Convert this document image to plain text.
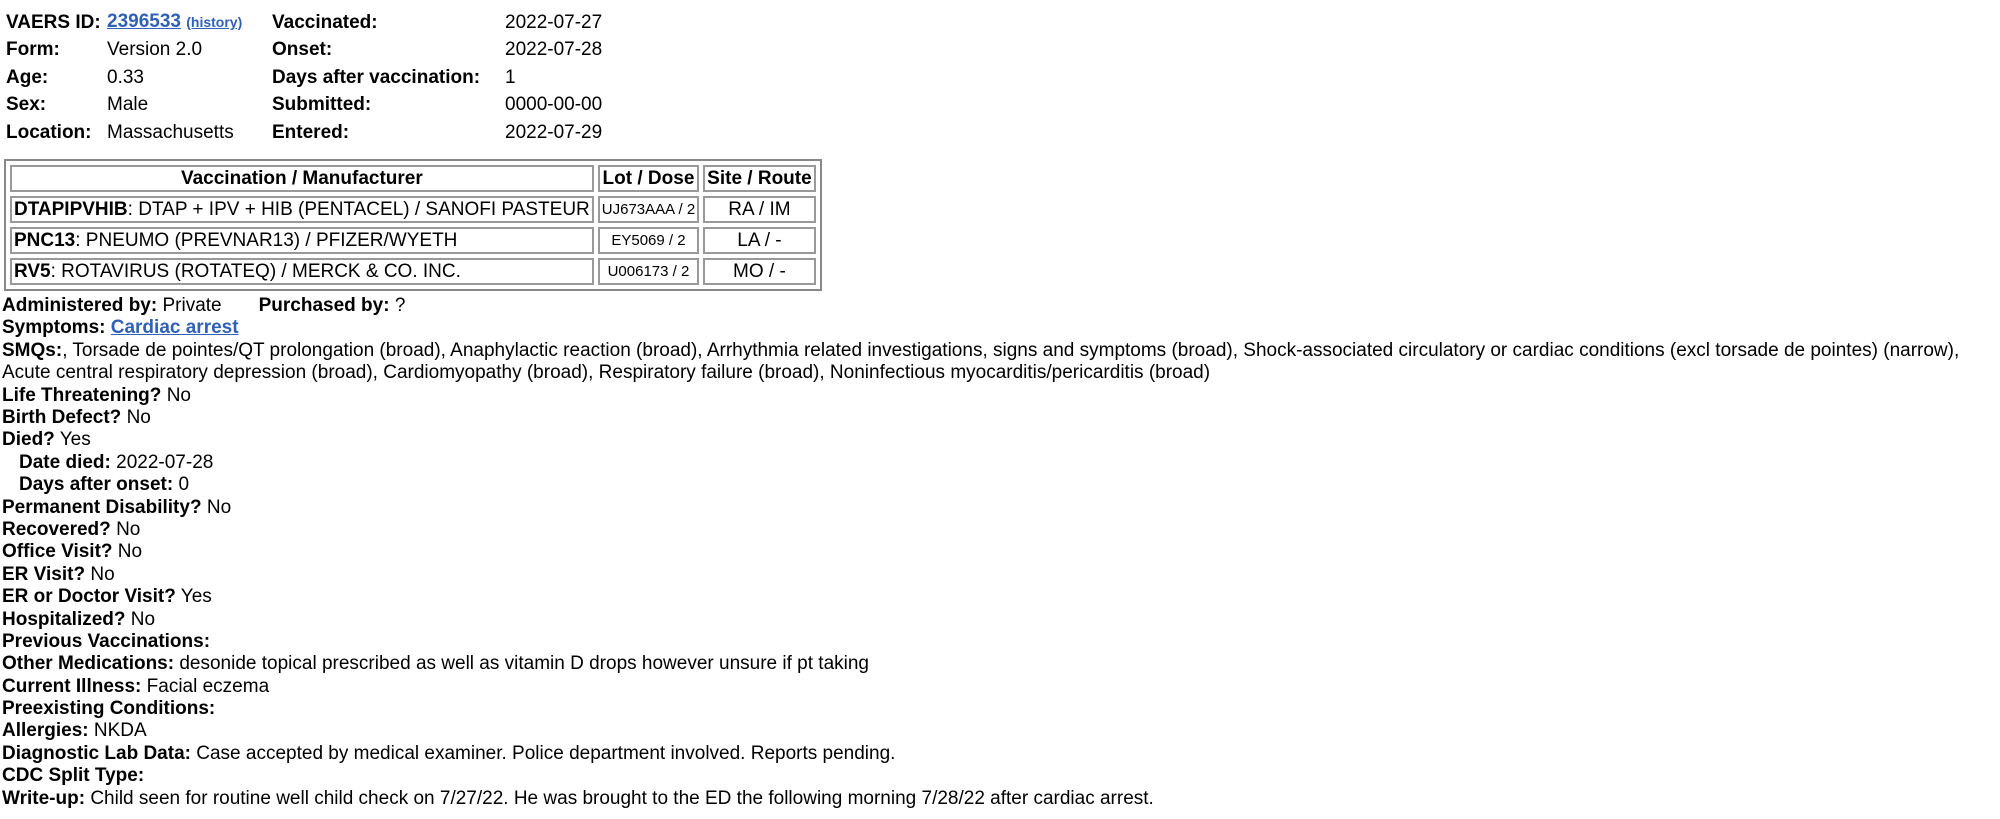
VAERS ID:	2396533 (history)	Vaccinated:	2022-07-27
Form:	Version 2.0	Onset:	2022-07-28
Age:	0.33	Days after vaccination:	1
Sex:	Male	Submitted:	0000-00-00
Location:	Massachusetts	Entered:	2022-07-29
Vaccination / Manufacturer	Lot / Dose	Site / Route
DTAPIPVHIB: DTAP + IPV + HIB (PENTACEL) / SANOFI PASTEUR	UJ673AAA / 2	RA / IM
PNC13: PNEUMO (PREVNAR13) / PFIZER/WYETH	EY5069 / 2	LA / -
RV5: ROTAVIRUS (ROTATEQ) / MERCK & CO. INC.	U006173 / 2	MO / -
Administered by: Private Purchased by: ?
Symptoms: Cardiac arrest
SMQs:, Torsade de pointes/QT prolongation (broad), Anaphylactic reaction (broad), Arrhythmia related investigations, signs and symptoms (broad), Shock-associated circulatory or cardiac conditions (excl torsade de pointes) (narrow), Acute central respiratory depression (broad), Cardiomyopathy (broad), Respiratory failure (broad), Noninfectious myocarditis/pericarditis (broad)
Life Threatening? No
Birth Defect? No
Died? Yes
Date died: 2022-07-28
Days after onset: 0
Permanent Disability? No
Recovered? No
Office Visit? No
ER Visit? No
ER or Doctor Visit? Yes
Hospitalized? No
Previous Vaccinations:
Other Medications: desonide topical prescribed as well as vitamin D drops however unsure if pt taking
Current Illness: Facial eczema
Preexisting Conditions:
Allergies: NKDA
Diagnostic Lab Data: Case accepted by medical examiner. Police department involved. Reports pending.
CDC Split Type:
Write-up: Child seen for routine well child check on 7/27/22. He was brought to the ED the following morning 7/28/22 after cardiac arrest.
